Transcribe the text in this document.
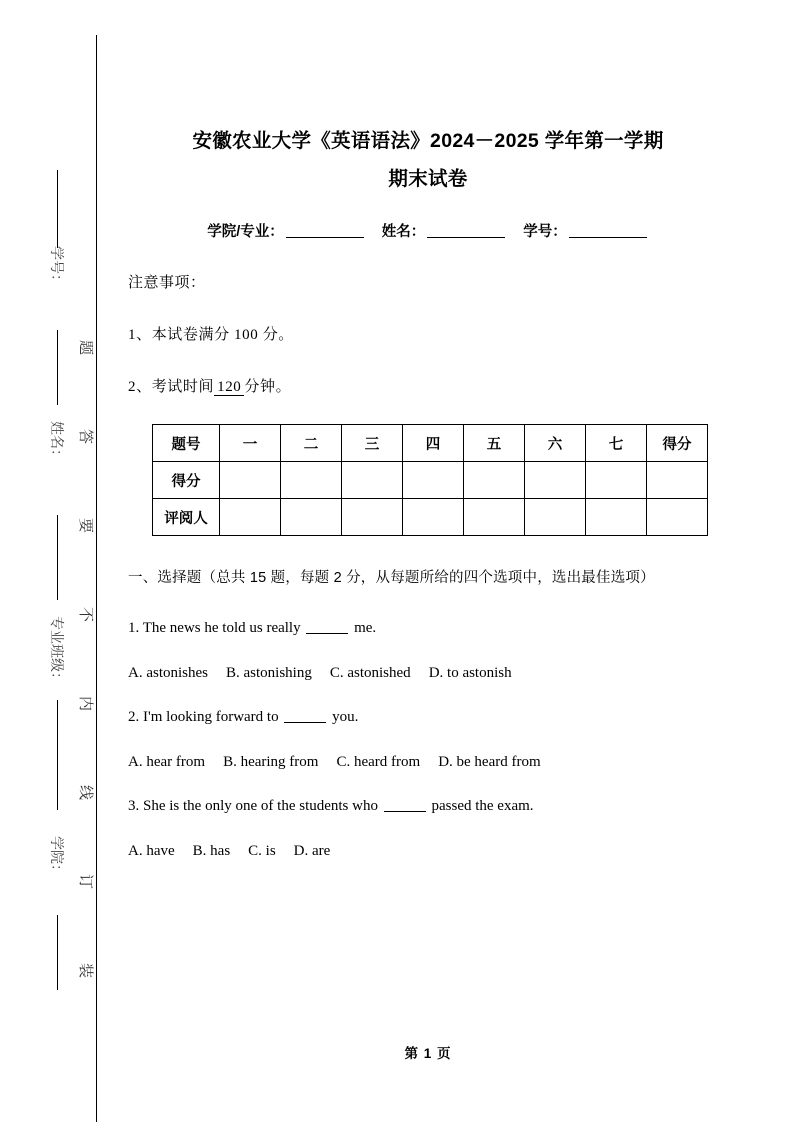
题
答
要
不
内
线
订
装
学号：
姓名：
专业班级：
学院：
安徽农业大学《英语语法》2024－2025 学年第一学期
期末试卷
学院/专业：	姓名：	学号：
注意事项：
1、本试卷满分 100 分。
2、考试时间 120 分钟。
题号	一	二	三	四	五	六	七	得分
得分								
评阅人								
一、选择题（总共 15 题，每题 2 分，从每题所给的四个选项中，选出最佳选项）
1. The news he told us really	me.
A. astonishes B. astonishing C. astonished D. to astonish
2. I'm looking forward to	you.
A. hear from B. hearing from C. heard from D. be heard from
3. She is the only one of the students who	passed the exam.
A. have B. has C. is D. are
第 1 页
